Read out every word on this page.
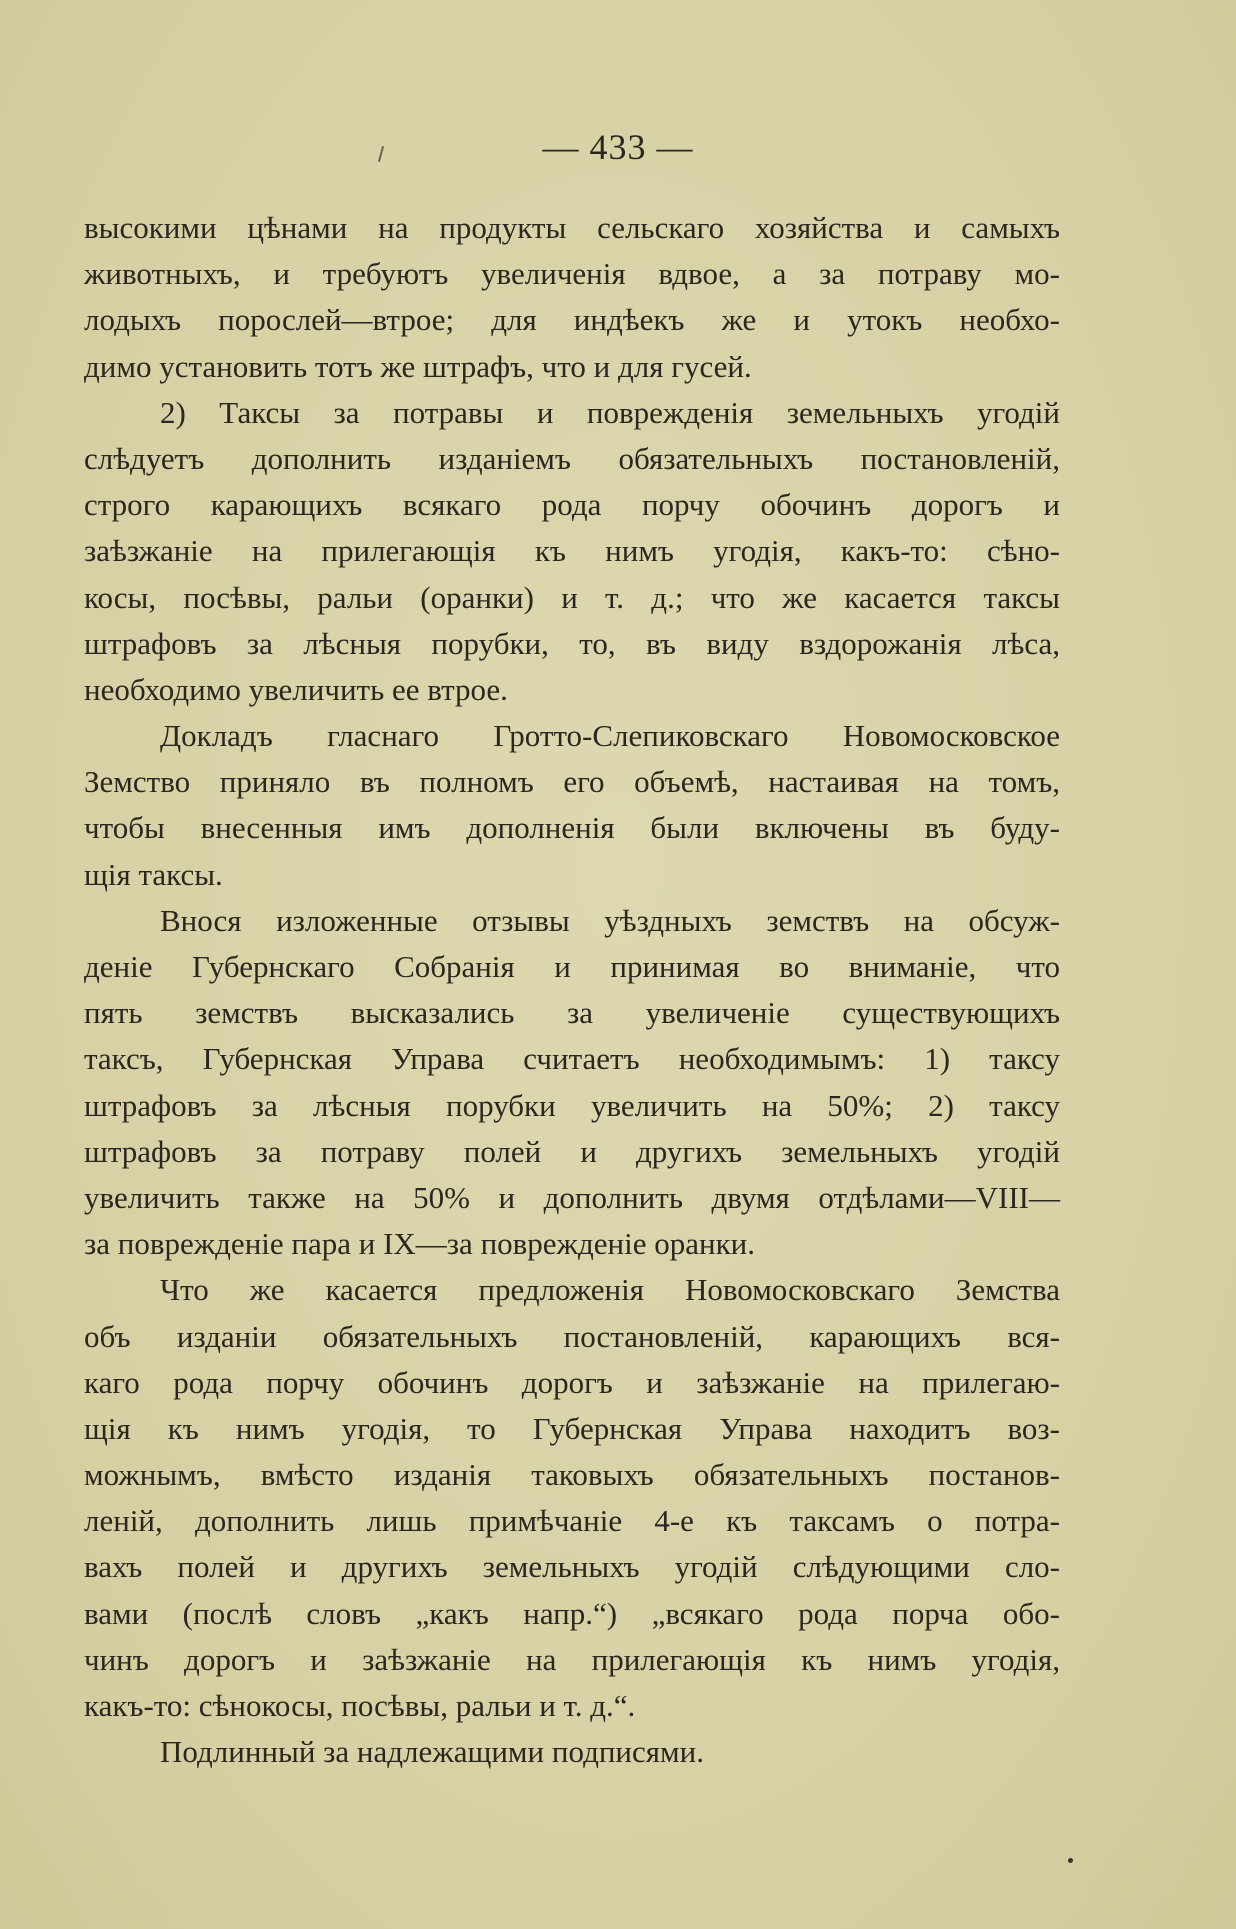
— 433 —
высокими цѣнами на продукты сельскаго хозяйства и самыхъ
животныхъ, и требуютъ увеличенія вдвое, а за потраву мо-
лодыхъ порослей—втрое; для индѣекъ же и утокъ необхо-
димо установить тотъ же штрафъ, что и для гусей.
2) Таксы за потравы и поврежденія земельныхъ угодій
слѣдуетъ дополнить изданіемъ обязательныхъ постановленій,
строго карающихъ всякаго рода порчу обочинъ дорогъ и
заѣзжаніе на прилегающія къ нимъ угодія, какъ-то: сѣно-
косы, посѣвы, ральи (оранки) и т. д.; что же касается таксы
штрафовъ за лѣсныя порубки, то, въ виду вздорожанія лѣса,
необходимо увеличить ее втрое.
Докладъ гласнаго Гротто-Слепиковскаго Новомосковское
Земство приняло въ полномъ его объемѣ, настаивая на томъ,
чтобы внесенныя имъ дополненія были включены въ буду-
щія таксы.
Внося изложенные отзывы уѣздныхъ земствъ на обсуж-
деніе Губернскаго Собранія и принимая во вниманіе, что
пять земствъ высказались за увеличеніе существующихъ
таксъ, Губернская Управа считаетъ необходимымъ: 1) таксу
штрафовъ за лѣсныя порубки увеличить на 50%; 2) таксу
штрафовъ за потраву полей и другихъ земельныхъ угодій
увеличить также на 50% и дополнить двумя отдѣлами—VIII—
за поврежденіе пара и IX—за поврежденіе оранки.
Что же касается предложенія Новомосковскаго Земства
объ изданіи обязательныхъ постановленій, карающихъ вся-
каго рода порчу обочинъ дорогъ и заѣзжаніе на прилегаю-
щія къ нимъ угодія, то Губернская Управа находитъ воз-
можнымъ, вмѣсто изданія таковыхъ обязательныхъ постанов-
леній, дополнить лишь примѣчаніе 4-е къ таксамъ о потра-
вахъ полей и другихъ земельныхъ угодій слѣдующими сло-
вами (послѣ словъ „какъ напр.“) „всякаго рода порча обо-
чинъ дорогъ и заѣзжаніе на прилегающія къ нимъ угодія,
какъ-то: сѣнокосы, посѣвы, ральи и т. д.“.
Подлинный за надлежащими подписями.
